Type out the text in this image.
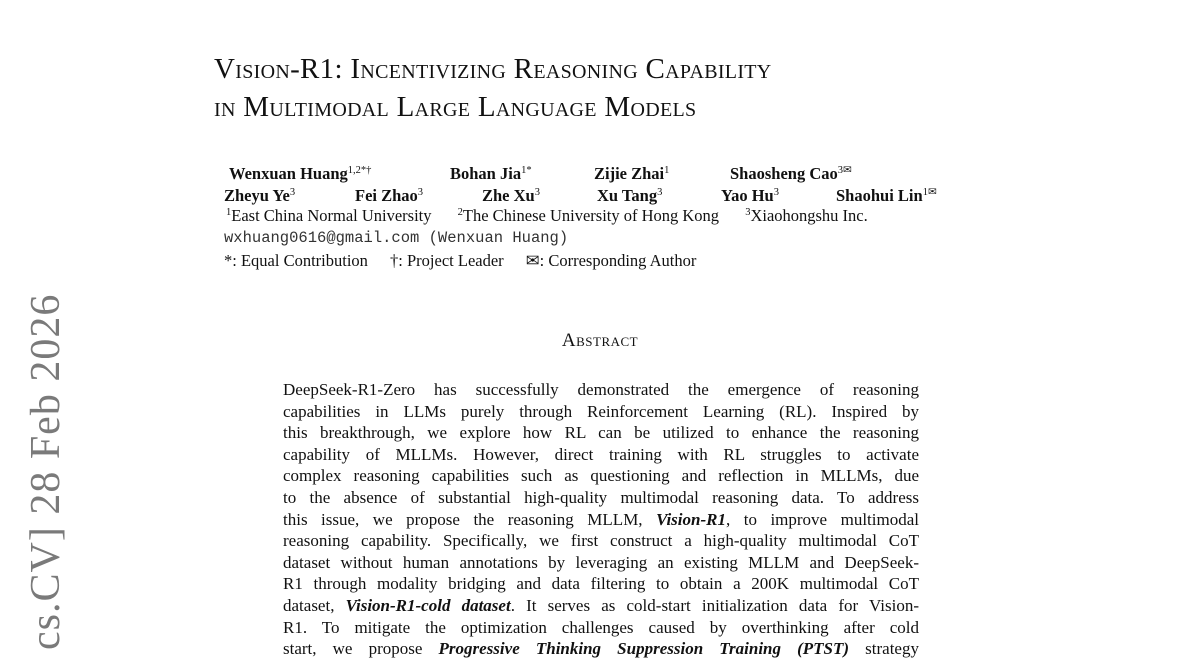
Vision-R1: Incentivizing Reasoning Capability
in Multimodal Large Language Models
Wenxuan Huang$^{1,2*\dagger}$	Bohan Jia$^{1*}$	Zijie Zhai$^1$	Shaosheng Cao$^{3✉}$
Zheyu Ye$^3$	Fei Zhao$^3$	Zhe Xu$^3$	Xu Tang$^3$	Yao Hu$^3$	Shaohui Lin$^{1✉}$
$^1$East China Normal University $^2$The Chinese University of Hong Kong $^3$Xiaohongshu Inc.
wxhuang0616@gmail.com (Wenxuan Huang)
*: Equal Contribution †: Project Leader ✉: Corresponding Author
Abstract

DeepSeek-R1-Zero has successfully demonstrated the emergence of reasoning
capabilities in LLMs purely through Reinforcement Learning (RL). Inspired by
this breakthrough, we explore how RL can be utilized to enhance the reasoning
capability of MLLMs. However, direct training with RL struggles to activate
complex reasoning capabilities such as questioning and reflection in MLLMs, due
to the absence of substantial high-quality multimodal reasoning data. To address
this issue, we propose the reasoning MLLM, Vision-R1, to improve multimodal
reasoning capability. Specifically, we first construct a high-quality multimodal CoT
dataset without human annotations by leveraging an existing MLLM and DeepSeek-
R1 through modality bridging and data filtering to obtain a 200K multimodal CoT
dataset, Vision-R1-cold dataset. It serves as cold-start initialization data for Vision-
R1. To mitigate the optimization challenges caused by overthinking after cold
start, we propose Progressive Thinking Suppression Training (PTST) strategy

cs.CV] 28 Feb 2026
